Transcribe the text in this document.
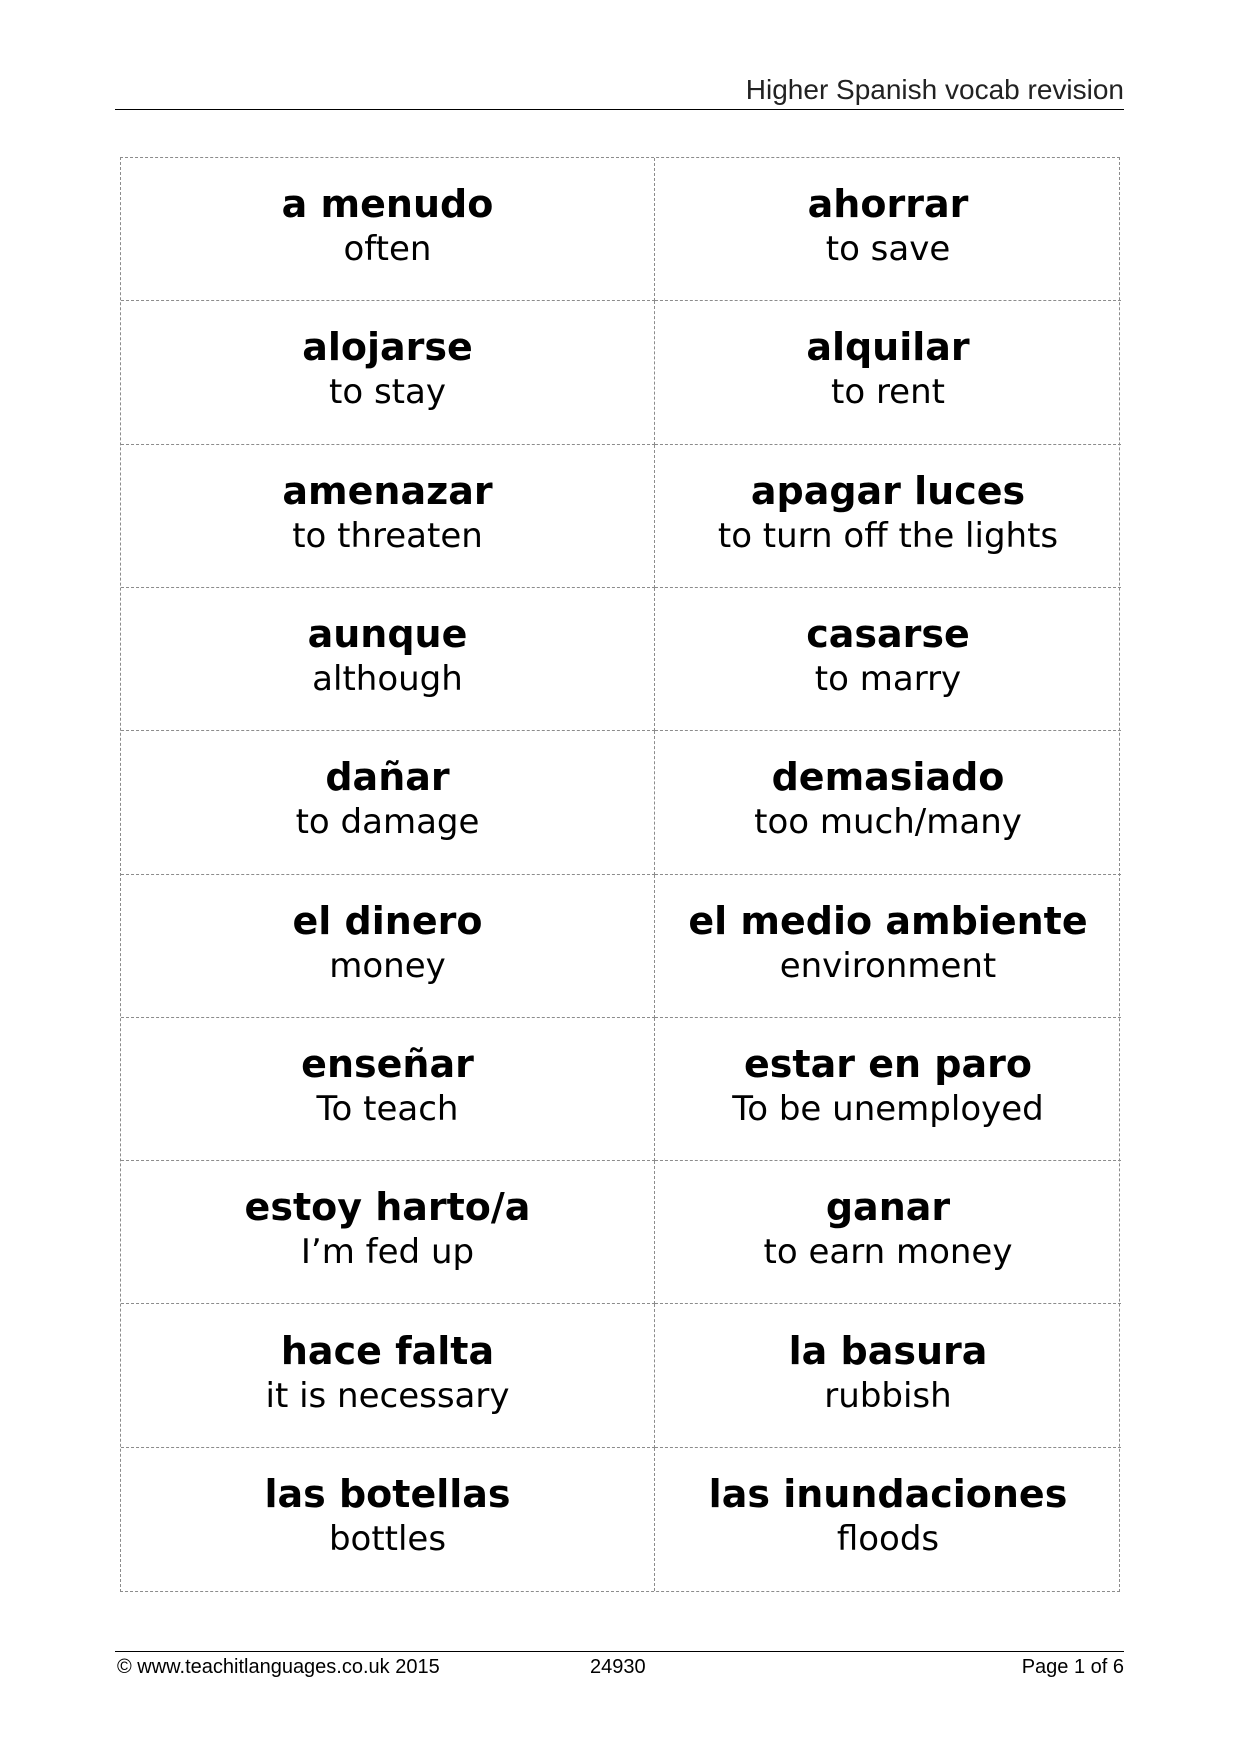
Higher Spanish vocab revision
a menudo
often
ahorrar
to save
alojarse
to stay
alquilar
to rent
amenazar
to threaten
apagar luces
to turn off the lights
aunque
although
casarse
to marry
dañar
to damage
demasiado
too much/many
el dinero
money
el medio ambiente
environment
enseñar
To teach
estar en paro
To be unemployed
estoy harto/a
I’m fed up
ganar
to earn money
hace falta
it is necessary
la basura
rubbish
las botellas
bottles
las inundaciones
floods
© www.teachitlanguages.co.uk 2015	24930	Page 1 of 6
